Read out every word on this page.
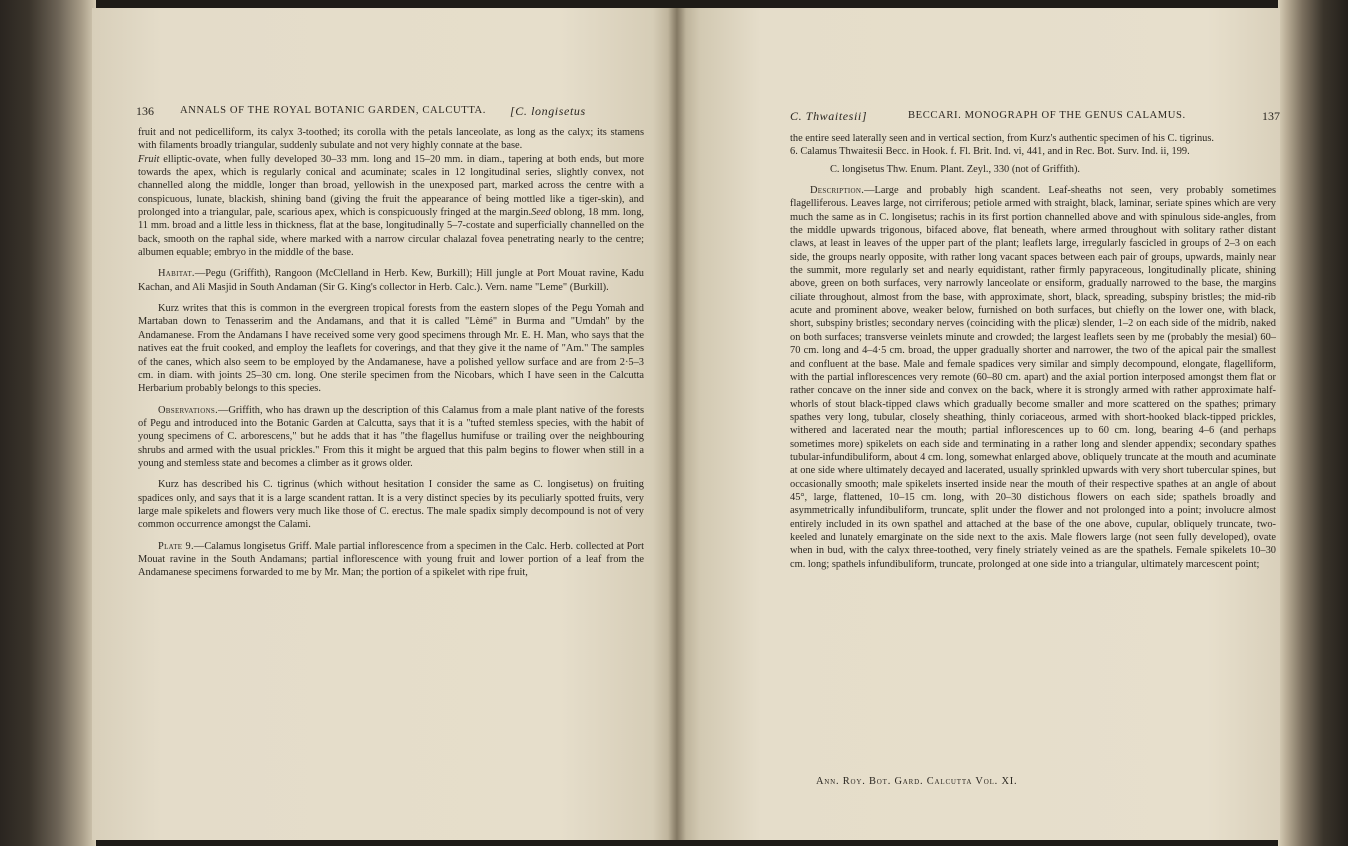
136 ANNALS OF THE ROYAL BOTANIC GARDEN, CALCUTTA. [C. longisetus

fruit and not pedicelliform, its calyx 3-toothed; its corolla with the petals lanceolate, as long as the calyx; its stamens with filaments broadly triangular, suddenly subulate and not very highly connate at the base.

Fruit elliptic-ovate, when fully developed 30–33 mm. long and 15–20 mm. in diam., tapering at both ends, but more towards the apex, which is regularly conical and acuminate; scales in 12 longitudinal series, slightly convex, not channelled along the middle, longer than broad, yellowish in the unexposed part, marked across the centre with a conspicuous, lunate, blackish, shining band (giving the fruit the appearance of being mottled like a tiger-skin), and prolonged into a triangular, pale, scarious apex, which is conspicuously fringed at the margin.

Seed oblong, 18 mm. long, 11 mm. broad and a little less in thickness, flat at the base, longitudinally 5–7-costate and superficially channelled on the back, smooth on the raphal side, where marked with a narrow circular chalazal fovea penetrating nearly to the centre; albumen equable; embryo in the middle of the base.

Habitat.—Pegu (Griffith), Rangoon (McClelland in Herb. Kew, Burkill); Hill jungle at Port Mouat ravine, Kadu Kachan, and Ali Masjid in South Andaman (Sir G. King's collector in Herb. Calc.). Vern. name "Leme" (Burkill).

Kurz writes that this is common in the evergreen tropical forests from the eastern slopes of the Pegu Yomah and Martaban down to Tenasserim and the Andamans, and that it is called "Lèmé" in Burma and "Umdah" by the Andamanese. From the Andamans I have received some very good specimens through Mr. E. H. Man, who says that the natives eat the fruit cooked, and employ the leaflets for coverings, and that they give it the name of "Am." The samples of the canes, which also seem to be employed by the Andamanese, have a polished yellow surface and are from 2·5–3 cm. in diam. with joints 25–30 cm. long. One sterile specimen from the Nicobars, which I have seen in the Calcutta Herbarium probably belongs to this species.

Observations.—Griffith, who has drawn up the description of this Calamus from a male plant native of the forests of Pegu and introduced into the Botanic Garden at Calcutta, says that it is a "tufted stemless species, with the habit of young specimens of C. arborescens," but he adds that it has "the flagellus humifuse or trailing over the neighbouring shrubs and armed with the usual prickles." From this it might be argued that this palm begins to flower when still in a young and stemless state and becomes a climber as it grows older.

Kurz has described his C. tigrinus (which without hesitation I consider the same as C. longisetus) on fruiting spadices only, and says that it is a large scandent rattan. It is a very distinct species by its peculiarly spotted fruits, very large male spikelets and flowers very much like those of C. erectus. The male spadix simply decompound is not of very common occurrence amongst the Calami.

Plate 9.—Calamus longisetus Griff. Male partial inflorescence from a specimen in the Calc. Herb. collected at Port Mouat ravine in the South Andamans; partial inflorescence with young fruit and lower portion of a leaf from the Andamanese specimens forwarded to me by Mr. Man; the portion of a spikelet with ripe fruit,

C. Thwaitesii]	BECCARI. MONOGRAPH OF THE GENUS CALAMUS.	137

the entire seed laterally seen and in vertical section, from Kurz's authentic specimen of his C. tigrinus.

6. Calamus Thwaitesii Becc. in Hook. f. Fl. Brit. Ind. vi, 441, and in Rec. Bot. Surv. Ind. ii, 199.

C. longisetus Thw. Enum. Plant. Zeyl., 330 (not of Griffith).

Description.—Large and probably high scandent. Leaf-sheaths not seen, very probably sometimes flagelliferous. Leaves large, not cirriferous; petiole armed with straight, black, laminar, seriate spines which are very much the same as in C. longisetus; rachis in its first portion channelled above and with spinulous side-angles, from the middle upwards trigonous, bifaced above, flat beneath, where armed throughout with solitary rather distant claws, at least in leaves of the upper part of the plant; leaflets large, irregularly fascicled in groups of 2–3 on each side, the groups nearly opposite, with rather long vacant spaces between each pair of groups, upwards, mainly near the summit, more regularly set and nearly equidistant, rather firmly papyraceous, longitudinally plicate, shining above, green on both surfaces, very narrowly lanceolate or ensiform, gradually narrowed to the base, the margins ciliate throughout, almost from the base, with approximate, short, black, spreading, subspiny bristles; the mid-rib acute and prominent above, weaker below, furnished on both surfaces, but chiefly on the lower one, with black, short, subspiny bristles; secondary nerves (coinciding with the plicæ) slender, 1–2 on each side of the midrib, naked on both surfaces; transverse veinlets minute and crowded; the largest leaflets seen by me (probably the mesial) 60–70 cm. long and 4–4·5 cm. broad, the upper gradually shorter and narrower, the two of the apical pair the smallest and confluent at the base. Male and female spadices very similar and simply decompound, elongate, flagelliform, with the partial inflorescences very remote (60–80 cm. apart) and the axial portion interposed amongst them flat or rather concave on the inner side and convex on the back, where it is strongly armed with rather approximate half-whorls of stout black-tipped claws which gradually become smaller and more scattered on the spathes; primary spathes very long, tubular, closely sheathing, thinly coriaceous, armed with short-hooked black-tipped prickles, withered and lacerated near the mouth; partial inflorescences up to 60 cm. long, bearing 4–6 (and perhaps sometimes more) spikelets on each side and terminating in a rather long and slender appendix; secondary spathes tubular-infundibuliform, about 4 cm. long, somewhat enlarged above, obliquely truncate at the mouth and acuminate at one side where ultimately decayed and lacerated, usually sprinkled upwards with very short tubercular spines, but occasionally smooth; male spikelets inserted inside near the mouth of their respective spathes at an angle of about 45°, large, flattened, 10–15 cm. long, with 20–30 distichous flowers on each side; spathels broadly and asymmetrically infundibuliform, truncate, split under the flower and not prolonged into a point; involucre almost entirely included in its own spathel and attached at the base of the one above, cupular, obliquely truncate, two-keeled and lunately emarginate on the side next to the axis. Male flowers large (not seen fully developed), ovate when in bud, with the calyx three-toothed, very finely striately veined as are the spathels. Female spikelets 10–30 cm. long; spathels infundibuliform, truncate, prolonged at one side into a triangular, ultimately marcescent point;

Ann. Roy. Bot. Gard. Calcutta Vol. XI.
